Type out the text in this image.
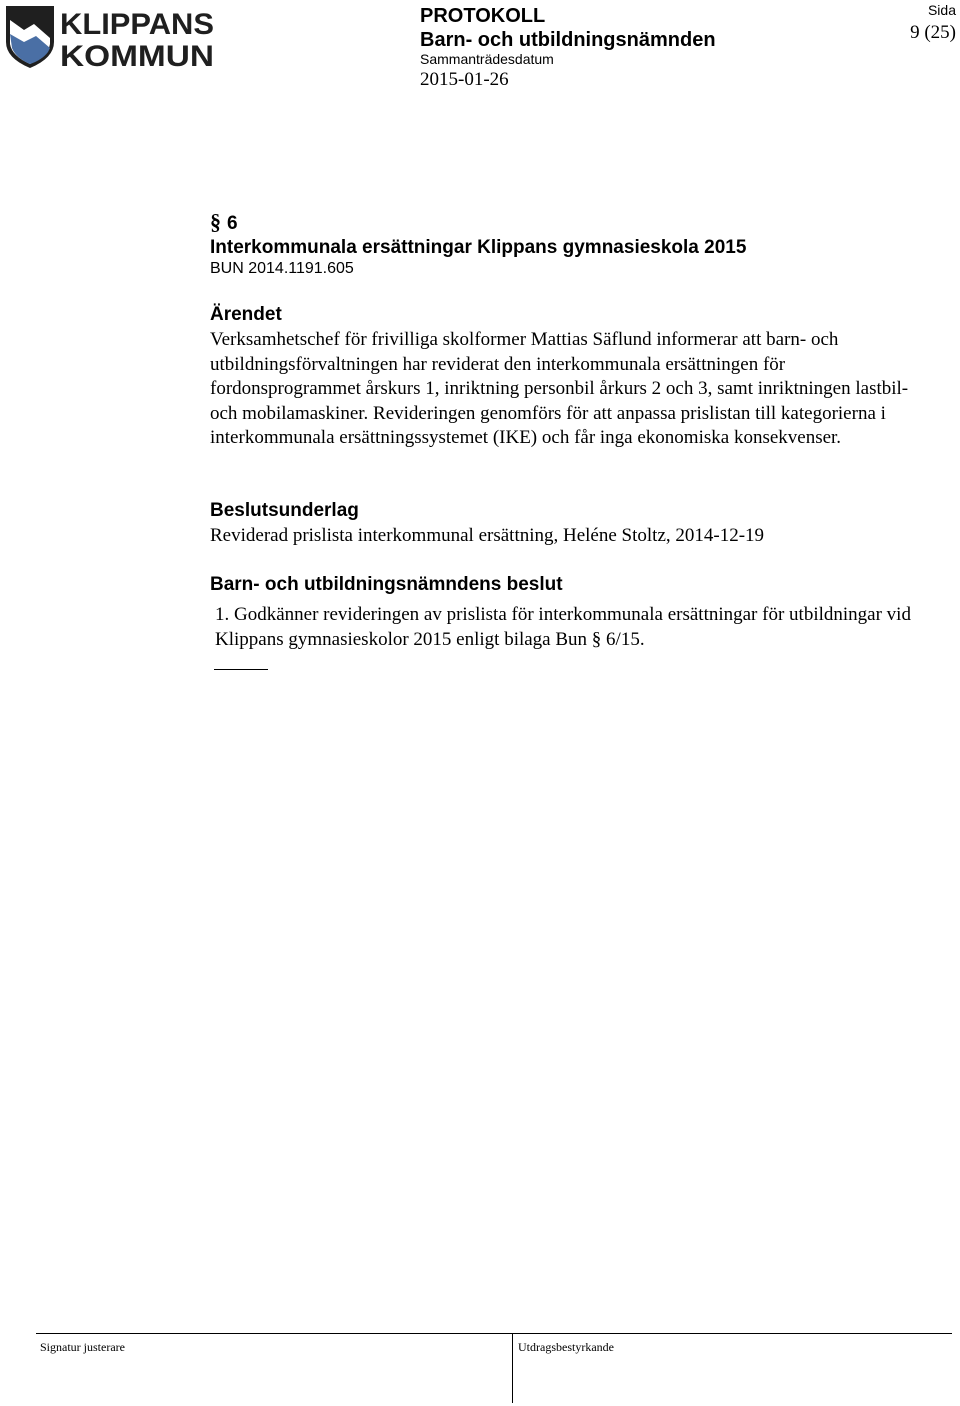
KLIPPANS
KOMMUN
PROTOKOLL
Barn- och utbildningsnämnden
Sammanträdesdatum
2015-01-26
Sida
9 (25)
§ 6
Interkommunala ersättningar Klippans gymnasieskola 2015
BUN 2014.1191.605
Ärendet

Verksamhetschef för frivilliga skolformer Mattias Säflund informerar att barn- och utbildningsförvaltningen har reviderat den interkommunala ersättningen för fordonsprogrammet årskurs 1, inriktning personbil årkurs 2 och 3, samt inriktningen lastbil- och mobilamaskiner. Revideringen genomförs för att anpassa prislistan till kategorierna i interkommunala ersättningssystemet (IKE) och får inga ekonomiska konsekvenser.

Beslutsunderlag

Reviderad prislista interkommunal ersättning, Heléne Stoltz, 2014-12-19

Barn- och utbildningsnämndens beslut
1. Godkänner revideringen av prislista för interkommunala ersättningar för utbildningar vid Klippans gymnasieskolor 2015 enligt bilaga Bun § 6/15.
Signatur justerare	Utdragsbestyrkande
